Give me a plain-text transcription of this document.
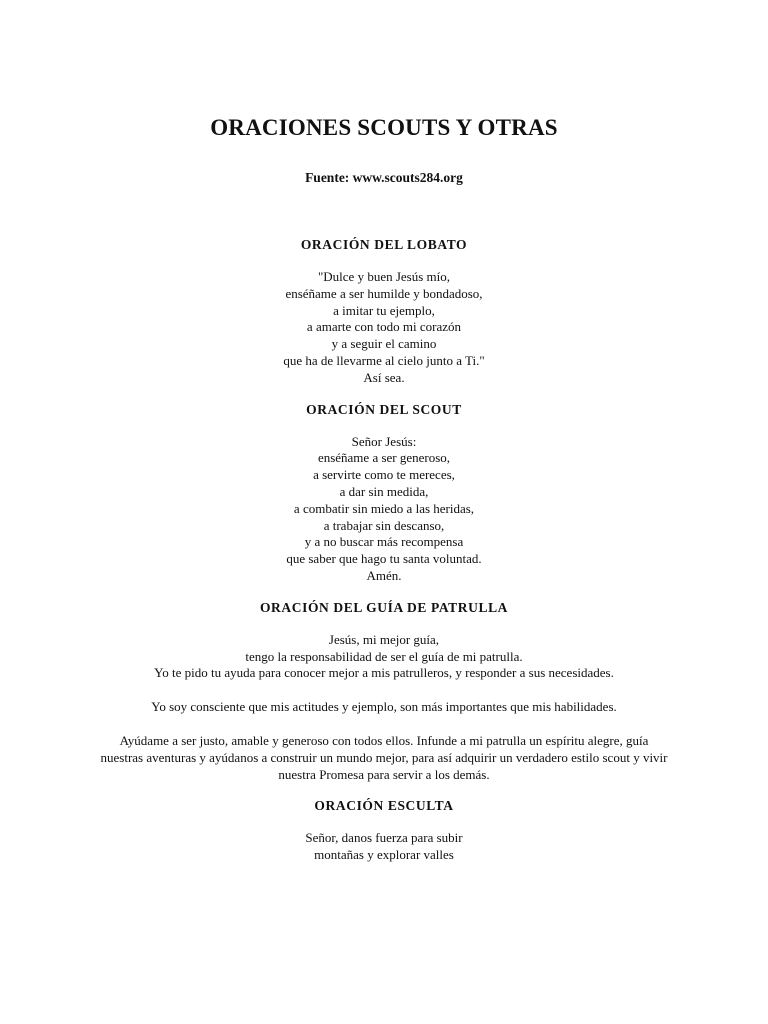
ORACIONES SCOUTS Y OTRAS
Fuente: www.scouts284.org

ORACIÓN DEL LOBATO

"Dulce y buen Jesús mío,
enséñame a ser humilde y bondadoso,
a imitar tu ejemplo,
a amarte con todo mi corazón
y a seguir el camino
que ha de llevarme al cielo junto a Ti."
Así sea.

ORACIÓN DEL SCOUT

Señor Jesús:
enséñame a ser generoso,
a servirte como te mereces,
a dar sin medida,
a combatir sin miedo a las heridas,
a trabajar sin descanso,
y a no buscar más recompensa
que saber que hago tu santa voluntad.
Amén.

ORACIÓN DEL GUÍA DE PATRULLA

Jesús, mi mejor guía,
tengo la responsabilidad de ser el guía de mi patrulla.

Yo te pido tu ayuda para conocer mejor a mis patrulleros, y responder a sus necesidades.

Yo soy consciente que mis actitudes y ejemplo, son más importantes que mis habilidades.

Ayúdame a ser justo, amable y generoso con todos ellos. Infunde a mi patrulla un espíritu alegre, guía nuestras aventuras y ayúdanos a construir un mundo mejor, para así adquirir un verdadero estilo scout y vivir nuestra Promesa para servir a los demás.

ORACIÓN ESCULTA

Señor, danos fuerza para subir
montañas y explorar valles
